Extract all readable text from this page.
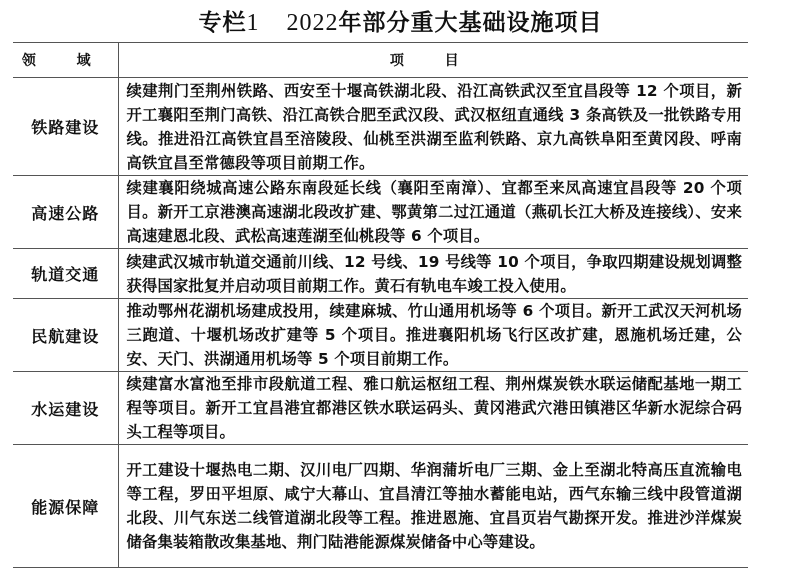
专栏1 2022年部分重大基础设施项目
领 域	项 目
铁路建设	续建荆门至荆州铁路、西安至十堰高铁湖北段、沿江高铁武汉至宜昌段等 12 个项目，新开工襄阳至荆门高铁、沿江高铁合肥至武汉段、武汉枢纽直通线 3 条高铁及一批铁路专用线。推进沿江高铁宜昌至涪陵段、仙桃至洪湖至监利铁路、京九高铁阜阳至黄冈段、呼南高铁宜昌至常德段等项目前期工作。
高速公路	续建襄阳绕城高速公路东南段延长线（襄阳至南漳）、宜都至来凤高速宜昌段等 20 个项目。新开工京港澳高速湖北段改扩建、鄂黄第二过江通道（燕矶长江大桥及连接线）、安来高速建恩北段、武松高速莲湖至仙桃段等 6 个项目。
轨道交通	续建武汉城市轨道交通前川线、12 号线、19 号线等 10 个项目，争取四期建设规划调整获得国家批复并启动项目前期工作。黄石有轨电车竣工投入使用。
民航建设	推动鄂州花湖机场建成投用，续建麻城、竹山通用机场等 6 个项目。新开工武汉天河机场三跑道、十堰机场改扩建等 5 个项目。推进襄阳机场飞行区改扩建，恩施机场迁建，公安、天门、洪湖通用机场等 5 个项目前期工作。
水运建设	续建富水富池至排市段航道工程、雅口航运枢纽工程、荆州煤炭铁水联运储配基地一期工程等项目。新开工宜昌港宜都港区铁水联运码头、黄冈港武穴港田镇港区华新水泥综合码头工程等项目。
能源保障	开工建设十堰热电二期、汉川电厂四期、华润蒲圻电厂三期、金上至湖北特高压直流输电等工程，罗田平坦原、咸宁大幕山、宜昌清江等抽水蓄能电站，西气东输三线中段管道湖北段、川气东送二线管道湖北段等工程。推进恩施、宜昌页岩气勘探开发。推进沙洋煤炭储备集装箱散改集基地、荆门陆港能源煤炭储备中心等建设。
